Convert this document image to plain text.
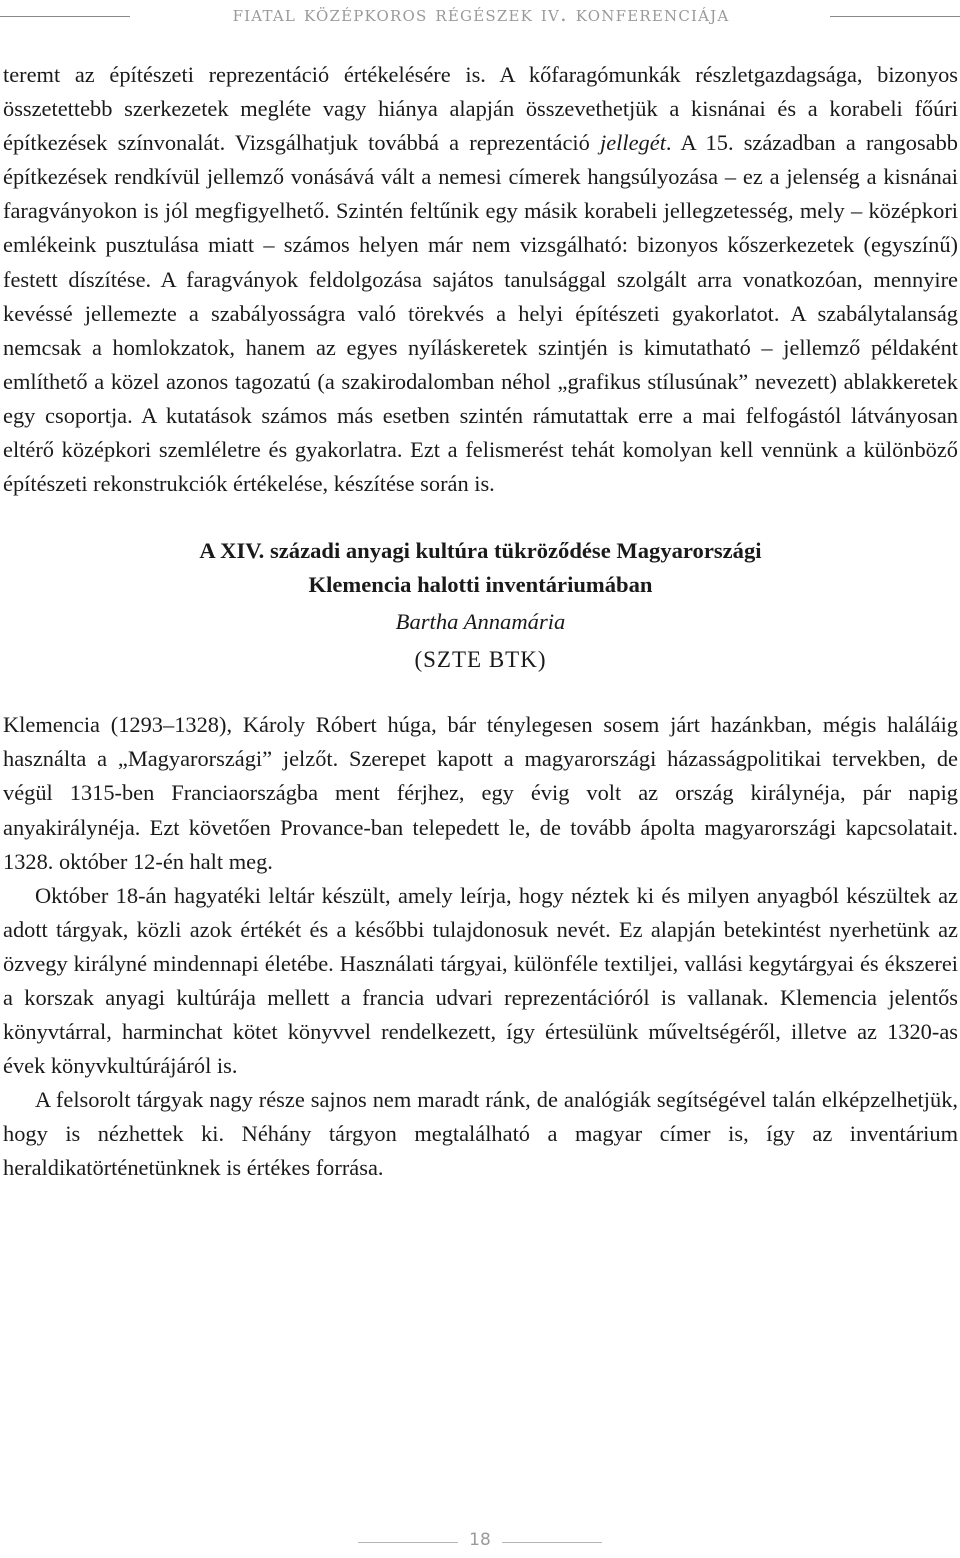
fiatal középkoros régészek iv. konferenciája

teremt az építészeti reprezentáció értékelésére is. A kőfaragómunkák részletgazdagsága, bizonyos összetettebb szerkezetek megléte vagy hiánya alapján összevethetjük a kisnánai és a korabeli főúri építkezések színvonalát. Vizsgálhatjuk továbbá a reprezentáció jellegét. A 15. században a rangosabb építkezések rendkívül jellemző vonásává vált a nemesi címerek hangsúlyozása – ez a jelenség a kisnánai faragványokon is jól megfigyelhető. Szintén feltűnik egy másik korabeli jellegzetesség, mely – középkori emlékeink pusztulása miatt – számos helyen már nem vizsgálható: bizonyos kőszerkezetek (egyszínű) festett díszítése. A faragványok feldolgozása sajátos tanulsággal szolgált arra vonatkozóan, mennyire kevéssé jellemezte a szabályosságra való törekvés a helyi építészeti gyakorlatot. A szabálytalanság nemcsak a homlokzatok, hanem az egyes nyíláskeretek szintjén is kimutatható – jellemző példaként említhető a közel azonos tagozatú (a szakirodalomban néhol „grafikus stílusúnak” nevezett) ablakkeretek egy csoportja. A kutatások számos más esetben szintén rámutattak erre a mai felfogástól látványosan eltérő középkori szemléletre és gyakorlatra. Ezt a felismerést tehát komolyan kell vennünk a különböző építészeti rekonstrukciók értékelése, készítése során is.

A XIV. századi anyagi kultúra tükröződése Magyarországi
Klemencia halotti inventáriumában
Bartha Annamária
(SZTE BTK)

Klemencia (1293–1328), Károly Róbert húga, bár ténylegesen sosem járt hazánkban, mégis haláláig használta a „Magyarországi” jelzőt. Szerepet kapott a magyarországi házasságpolitikai tervekben, de végül 1315-ben Franciaországba ment férjhez, egy évig volt az ország királynéja, pár napig anyakirálynéja. Ezt követően Provance-ban telepedett le, de tovább ápolta magyarországi kapcsolatait. 1328. október 12-én halt meg.

Október 18-án hagyatéki leltár készült, amely leírja, hogy néztek ki és milyen anyagból készültek az adott tárgyak, közli azok értékét és a későbbi tulajdonosuk nevét. Ez alapján betekintést nyerhetünk az özvegy királyné mindennapi életébe. Használati tárgyai, különféle textiljei, vallási kegytárgyai és ékszerei a korszak anyagi kultúrája mellett a francia udvari reprezentációról is vallanak. Klemencia jelentős könyvtárral, harminchat kötet könyvvel rendelkezett, így értesülünk műveltségéről, illetve az 1320-as évek könyvkultúrájáról is.

A felsorolt tárgyak nagy része sajnos nem maradt ránk, de analógiák segítségével talán elképzelhetjük, hogy is nézhettek ki. Néhány tárgyon megtalálható a magyar címer is, így az inventárium heraldikatörténetünknek is értékes forrása.

18
